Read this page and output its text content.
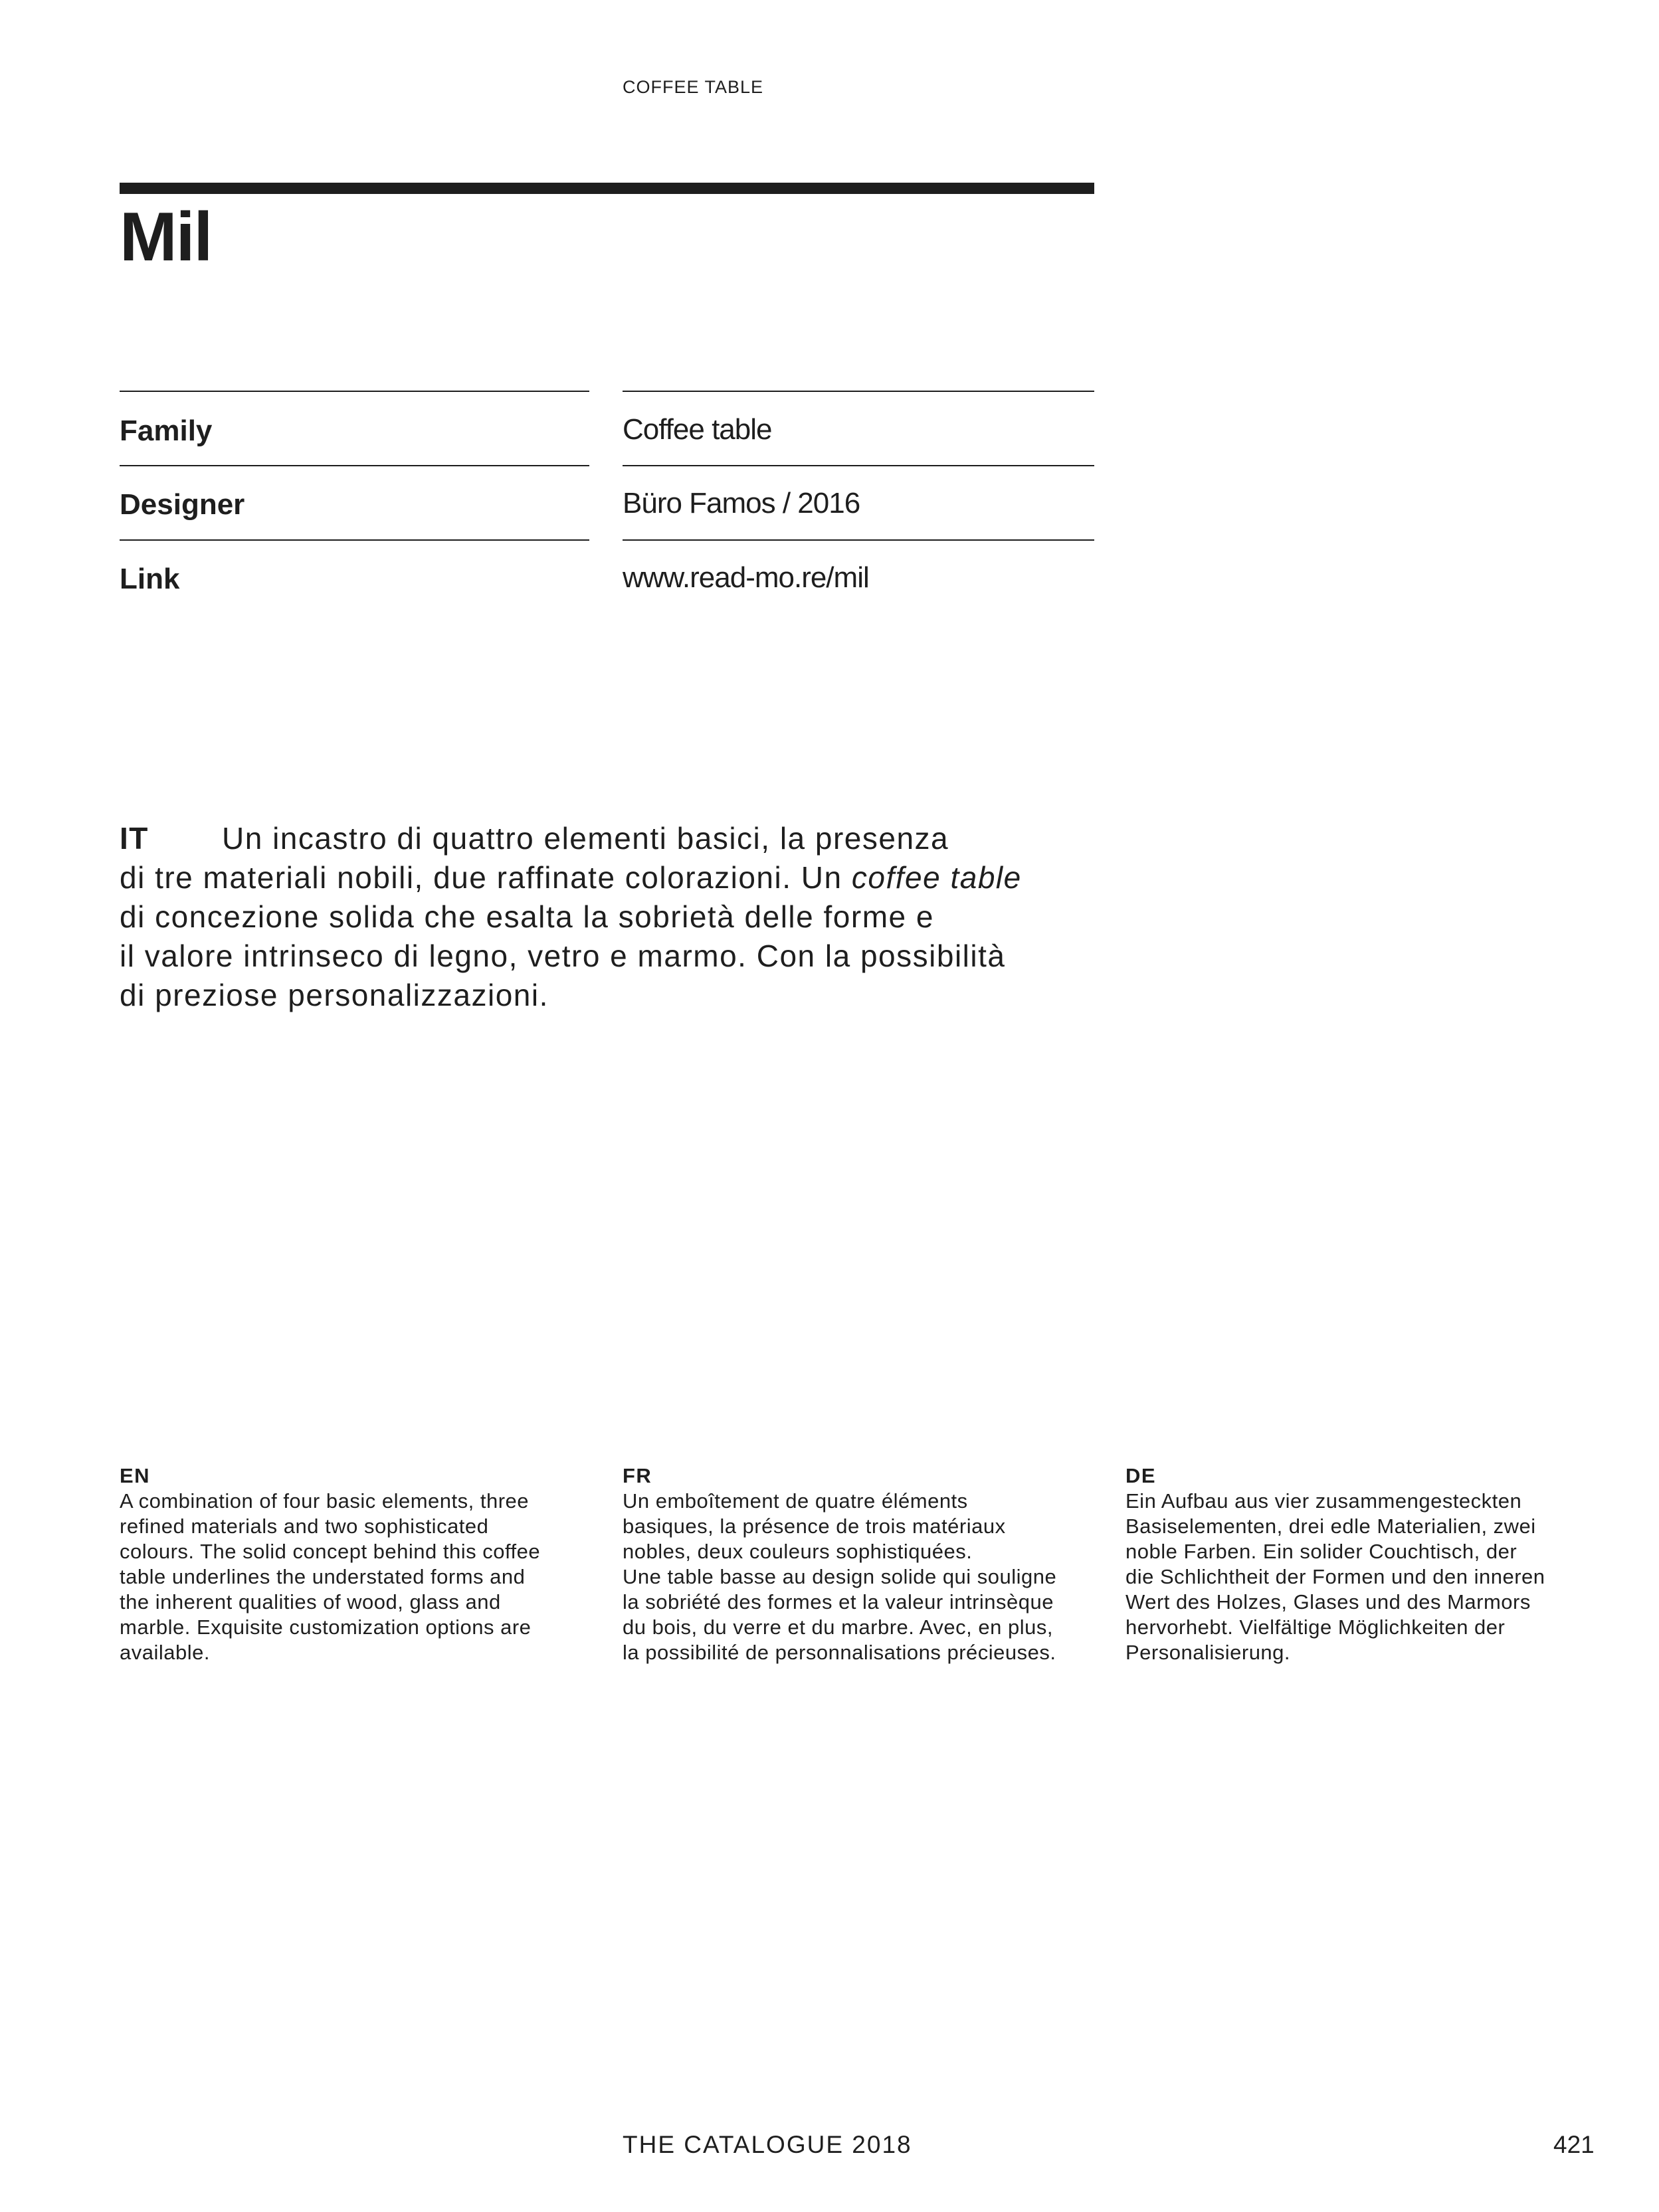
COFFEE TABLE
Mil
Family	Coffee table
Designer	Büro Famos / 2016
Link	www.read-mo.re/mil
IT Un incastro di quattro elementi basici, la presenza
di tre materiali nobili, due raffinate colorazioni. Un coffee table
di concezione solida che esalta la sobrietà delle forme e
il valore intrinseco di legno, vetro e marmo. Con la possibilità
di preziose personalizzazioni.
EN
A combination of four basic elements, three
refined materials and two sophisticated
colours. The solid concept behind this coffee
table underlines the understated forms and
the inherent qualities of wood, glass and
marble. Exquisite customization options are
available.
FR
Un emboîtement de quatre éléments
basiques, la présence de trois matériaux
nobles, deux couleurs sophistiquées.
Une table basse au design solide qui souligne
la sobriété des formes et la valeur intrinsèque
du bois, du verre et du marbre. Avec, en plus,
la possibilité de personnalisations précieuses.
DE
Ein Aufbau aus vier zusammengesteckten
Basiselementen, drei edle Materialien, zwei
noble Farben. Ein solider Couchtisch, der
die Schlichtheit der Formen und den inneren
Wert des Holzes, Glases und des Marmors
hervorhebt. Vielfältige Möglichkeiten der
Personalisierung.
THE CATALOGUE 2018	421
